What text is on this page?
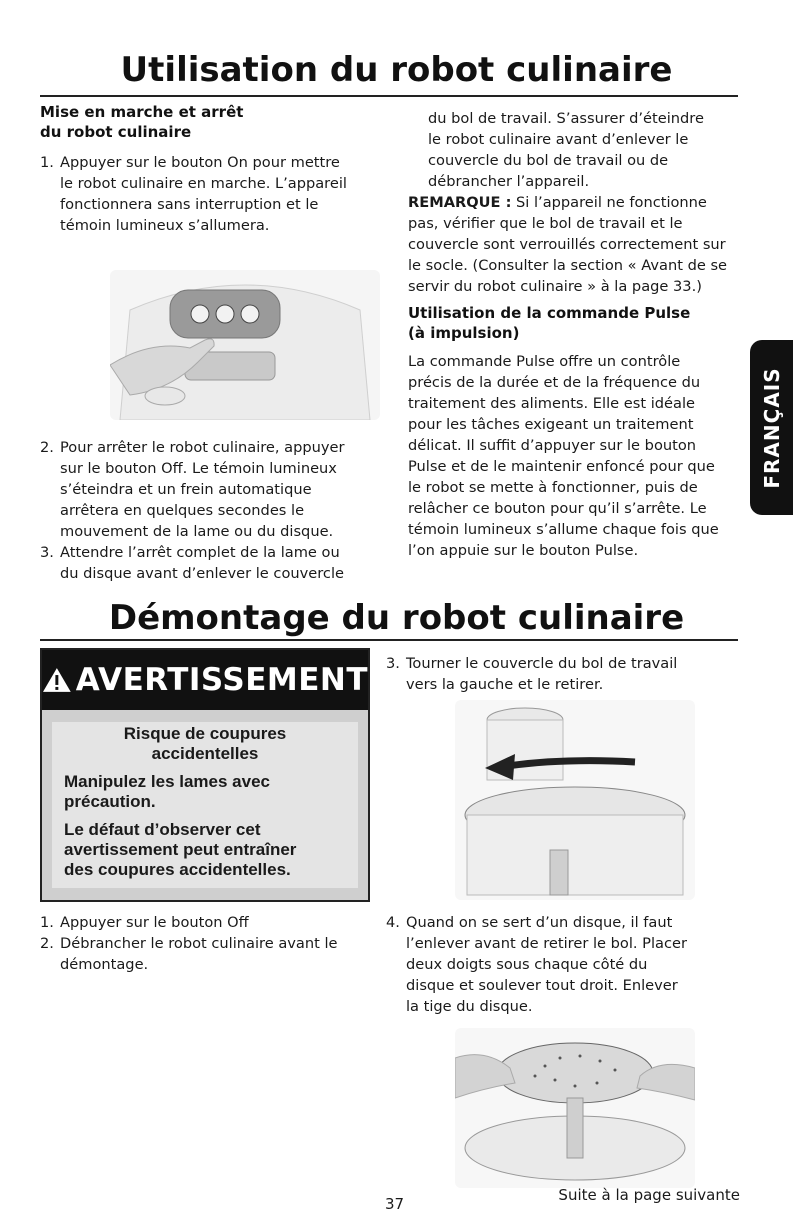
Utilisation du robot culinaire
Mise en marche et arrêt
du robot culinaire
1. Appuyer sur le bouton On pour mettre
le robot culinaire en marche. L’appareil
fonctionnera sans interruption et le
témoin lumineux s’allumera.
2. Pour arrêter le robot culinaire, appuyer
sur le bouton Off. Le témoin lumineux
s’éteindra et un frein automatique
arrêtera en quelques secondes le
mouvement de la lame ou du disque.
3. Attendre l’arrêt complet de la lame ou
du disque avant d’enlever le couvercle
du bol de travail. S’assurer d’éteindre
le robot culinaire avant d’enlever le
couvercle du bol de travail ou de
débrancher l’appareil.
REMARQUE : Si l’appareil ne fonctionne
pas, vérifier que le bol de travail et le
couvercle sont verrouillés correctement sur
le socle. (Consulter la section « Avant de se
servir du robot culinaire » à la page 33.)
Utilisation de la commande Pulse
(à impulsion)
La commande Pulse offre un contrôle
précis de la durée et de la fréquence du
traitement des aliments. Elle est idéale
pour les tâches exigeant un traitement
délicat. Il suffit d’appuyer sur le bouton
Pulse et de le maintenir enfoncé pour que
le robot se mette à fonctionner, puis de
relâcher ce bouton pour qu’il s’arrête. Le
témoin lumineux s’allume chaque fois que
l’on appuie sur le bouton Pulse.
FRANÇAIS
Démontage du robot culinaire
AVERTISSEMENT

Risque de coupures
accidentelles

Manipulez les lames avec
précaution.

Le défaut d’observer cet
avertissement peut entraîner
des coupures accidentelles.

1. Appuyer sur le bouton Off
2. Débrancher le robot culinaire avant le
démontage.
3. Tourner le couvercle du bol de travail
vers la gauche et le retirer.
4. Quand on se sert d’un disque, il faut
l’enlever avant de retirer le bol. Placer
deux doigts sous chaque côté du
disque et soulever tout droit. Enlever
la tige du disque.
37	Suite à la page suivante
